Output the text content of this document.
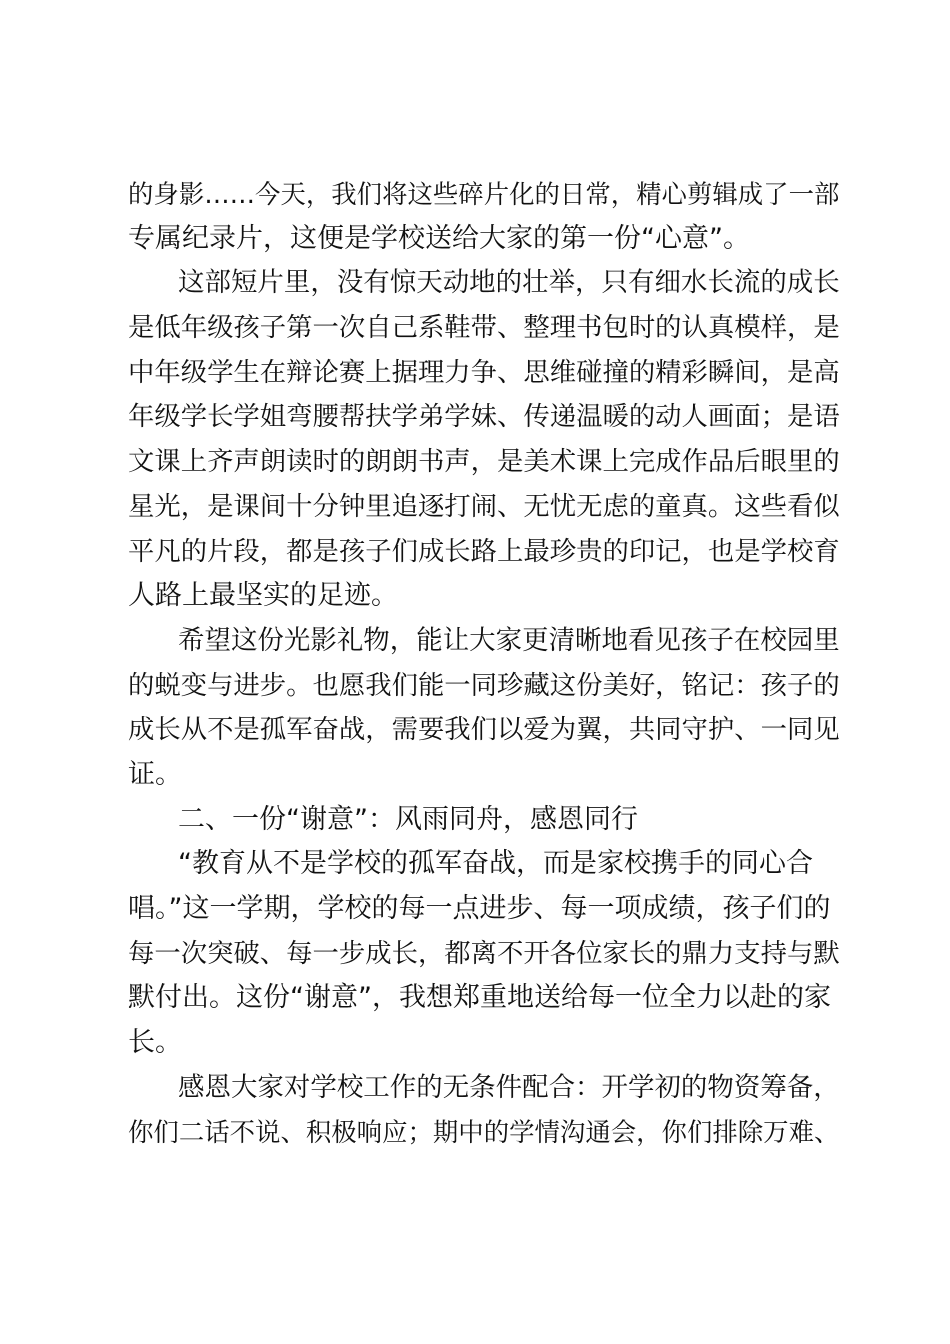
的身影……今天，我们将这些碎片化的日常，精心剪辑成了一部
专属纪录片，这便是学校送给大家的第一份“心意”。
这部短片里，没有惊天动地的壮举，只有细水长流的成长
是低年级孩子第一次自己系鞋带、整理书包时的认真模样，是
中年级学生在辩论赛上据理力争、思维碰撞的精彩瞬间，是高
年级学长学姐弯腰帮扶学弟学妹、传递温暖的动人画面；是语
文课上齐声朗读时的朗朗书声，是美术课上完成作品后眼里的
星光，是课间十分钟里追逐打闹、无忧无虑的童真。这些看似
平凡的片段，都是孩子们成长路上最珍贵的印记，也是学校育
人路上最坚实的足迹。
希望这份光影礼物，能让大家更清晰地看见孩子在校园里
的蜕变与进步。也愿我们能一同珍藏这份美好，铭记：孩子的
成长从不是孤军奋战，需要我们以爱为翼，共同守护、一同见
证。
二、一份“谢意”：风雨同舟，感恩同行
“教育从不是学校的孤军奋战，而是家校携手的同心合
唱。”这一学期，学校的每一点进步、每一项成绩，孩子们的
每一次突破、每一步成长，都离不开各位家长的鼎力支持与默
默付出。这份“谢意”，我想郑重地送给每一位全力以赴的家
长。
感恩大家对学校工作的无条件配合：开学初的物资筹备，
你们二话不说、积极响应；期中的学情沟通会，你们排除万难、
